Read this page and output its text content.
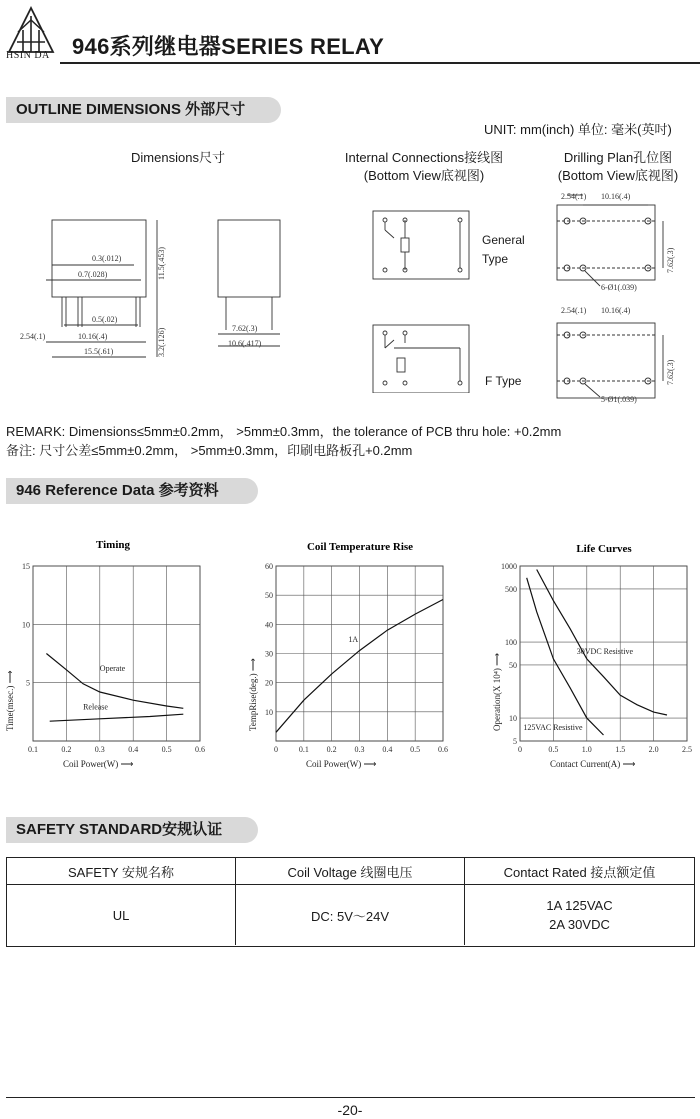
HSIN DA 946系列继电器SERIES RELAY
OUTLINE DIMENSIONS 外部尺寸
UNIT: mm(inch) 单位: 毫米(英吋)
Dimensions尺寸	Internal Connections接线图
(Bottom View底视图)
Drilling Plan孔位图
(Bottom View底视图)
0.3(.012)
0.7(.028)
0.5(.02)
2.54(.1)	10.16(.4)
15.5(.61)
7.62(.3)
10.6(.417)
11.5(.453)
3.2(.126)
General
Type
F Type
2.54(.1) 10.16(.4)
7.62(.3)
6-Ø1(.039)
2.54(.1) 10.16(.4)
7.62(.3)
5-Ø1(.039)
REMARK: Dimensions≤5mm±0.2mm， >5mm±0.3mm，the tolerance of PCB thru hole: +0.2mm
备注: 尺寸公差≤5mm±0.2mm， >5mm±0.3mm，印刷电路板孔+0.2mm
946 Reference Data 参考资料
Timing
0.1	0.2	0.3	0.4	0.5	0.6
5
10
15
Coil Power(W) ⟶
Time(msec.) ⟶
Operate
Release
Coil Temperature Rise
0	0.1 0.2 0.3 0.4 0.5 0.6
10
20
30
40
50
60
Coil Power(W) ⟶
TempRise(deg.) ⟶
1A
Life Curves
0	0.5	1.0	1.5	2.0	2.5
5
10
50
100
500
1000
Contact Current(A) ⟶
Operation(X 10⁴) ⟶
30VDC Resistive
125VAC Resistive
SAFETY STANDARD安规认证
SAFETY 安规名称	Coil Voltage 线圈电压	Contact Rated 接点额定值
UL	DC: 5V～24V
1A 125VAC
2A 30VDC
-20-
